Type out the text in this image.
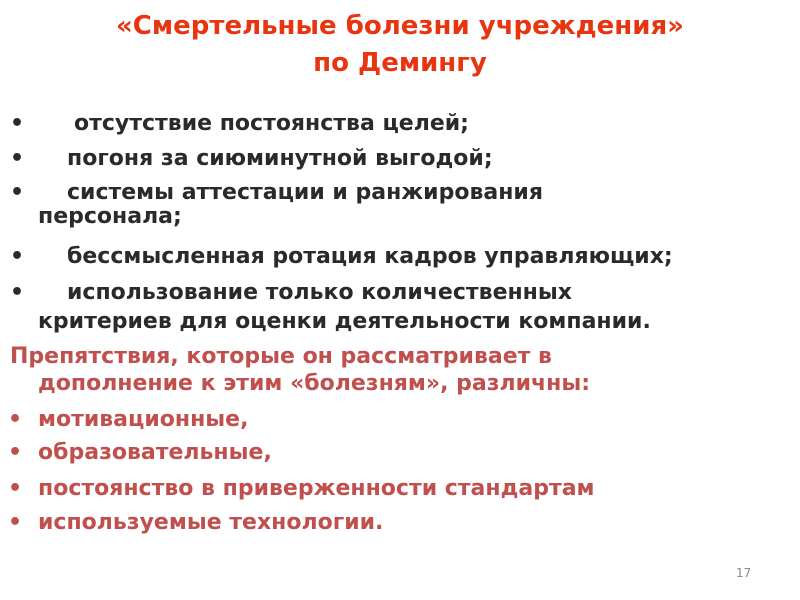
«Смертельные болезни учреждения»
по Демингу
• отсутствие постоянства целей;
• погоня за сиюминутной выгодой;
• системы аттестации и ранжирования
персонала;
• бессмысленная ротация кадров управляющих;
• использование только количественных
критериев для оценки деятельности компании.
Препятствия, которые он рассматривает в
дополнение к этим «болезням», различны:
• мотивационные,
• образовательные,
• постоянство в приверженности стандартам
• используемые технологии.
17
